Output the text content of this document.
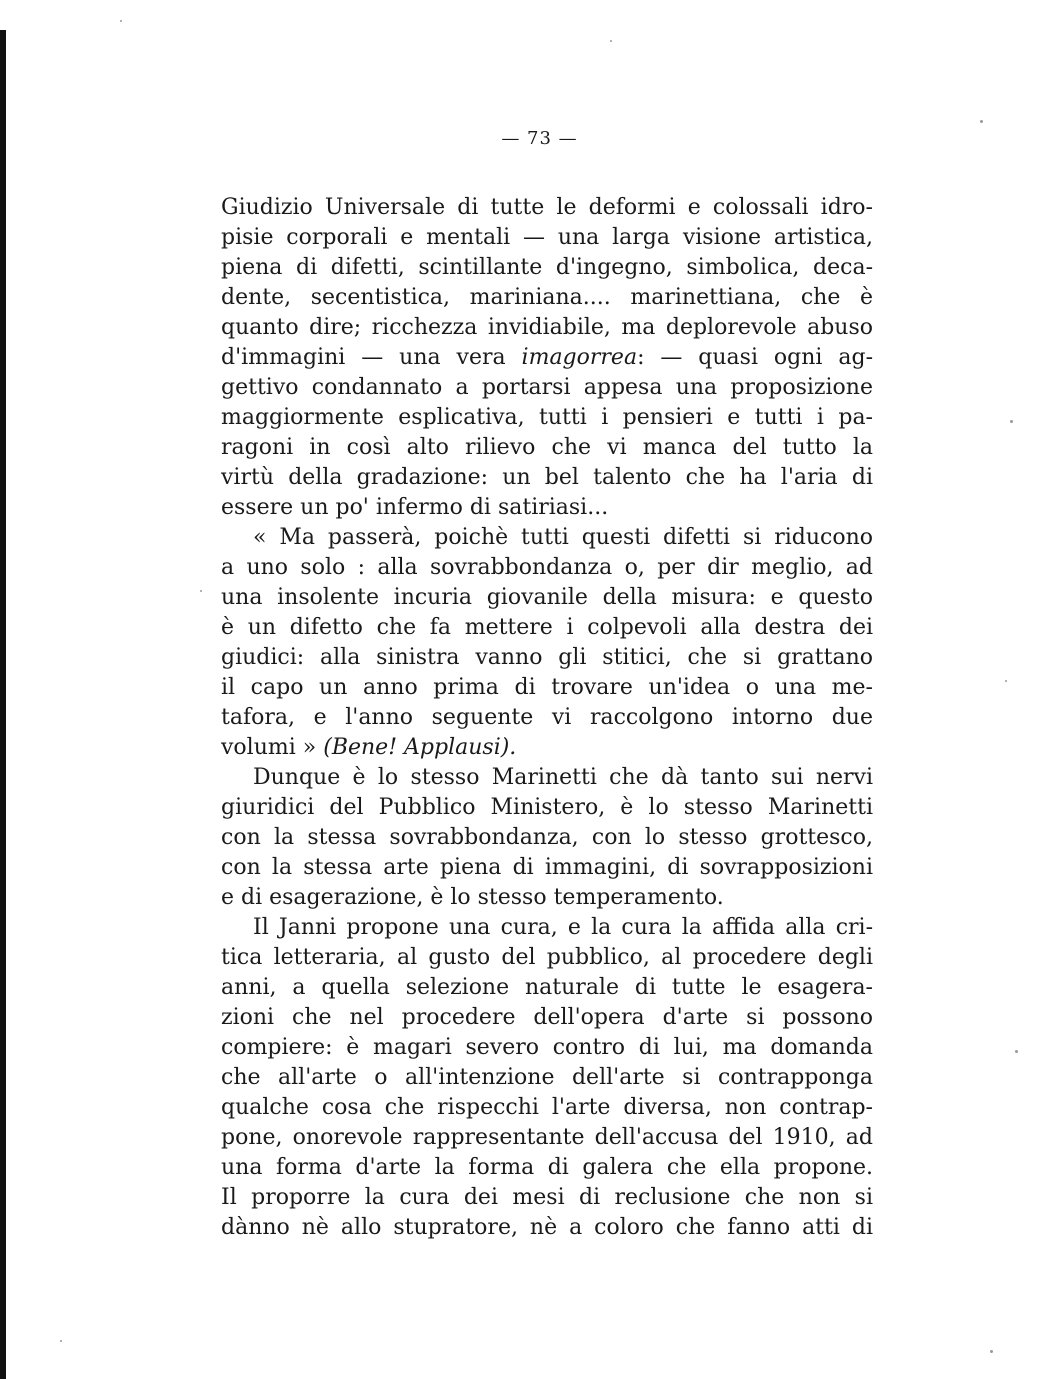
— 73 —
Giudizio Universale di tutte le deformi e colossali idro-
pisie corporali e mentali — una larga visione artistica,
piena di difetti, scintillante d'ingegno, simbolica, deca-
dente, secentistica, mariniana.... marinettiana, che è
quanto dire; ricchezza invidiabile, ma deplorevole abuso
d'immagini — una vera imagorrea: — quasi ogni ag-
gettivo condannato a portarsi appesa una proposizione
maggiormente esplicativa, tutti i pensieri e tutti i pa-
ragoni in così alto rilievo che vi manca del tutto la
virtù della gradazione: un bel talento che ha l'aria di
essere un po' infermo di satiriasi...
« Ma passerà, poichè tutti questi difetti si riducono
a uno solo : alla sovrabbondanza o, per dir meglio, ad
una insolente incuria giovanile della misura: e questo
è un difetto che fa mettere i colpevoli alla destra dei
giudici: alla sinistra vanno gli stitici, che si grattano
il capo un anno prima di trovare un'idea o una me-
tafora, e l'anno seguente vi raccolgono intorno due
volumi » (Bene! Applausi).
Dunque è lo stesso Marinetti che dà tanto sui nervi
giuridici del Pubblico Ministero, è lo stesso Marinetti
con la stessa sovrabbondanza, con lo stesso grottesco,
con la stessa arte piena di immagini, di sovrapposizioni
e di esagerazione, è lo stesso temperamento.
Il Janni propone una cura, e la cura la affida alla cri-
tica letteraria, al gusto del pubblico, al procedere degli
anni, a quella selezione naturale di tutte le esagera-
zioni che nel procedere dell'opera d'arte si possono
compiere: è magari severo contro di lui, ma domanda
che all'arte o all'intenzione dell'arte si contrapponga
qualche cosa che rispecchi l'arte diversa, non contrap-
pone, onorevole rappresentante dell'accusa del 1910, ad
una forma d'arte la forma di galera che ella propone.
Il proporre la cura dei mesi di reclusione che non si
dànno nè allo stupratore, nè a coloro che fanno atti di
